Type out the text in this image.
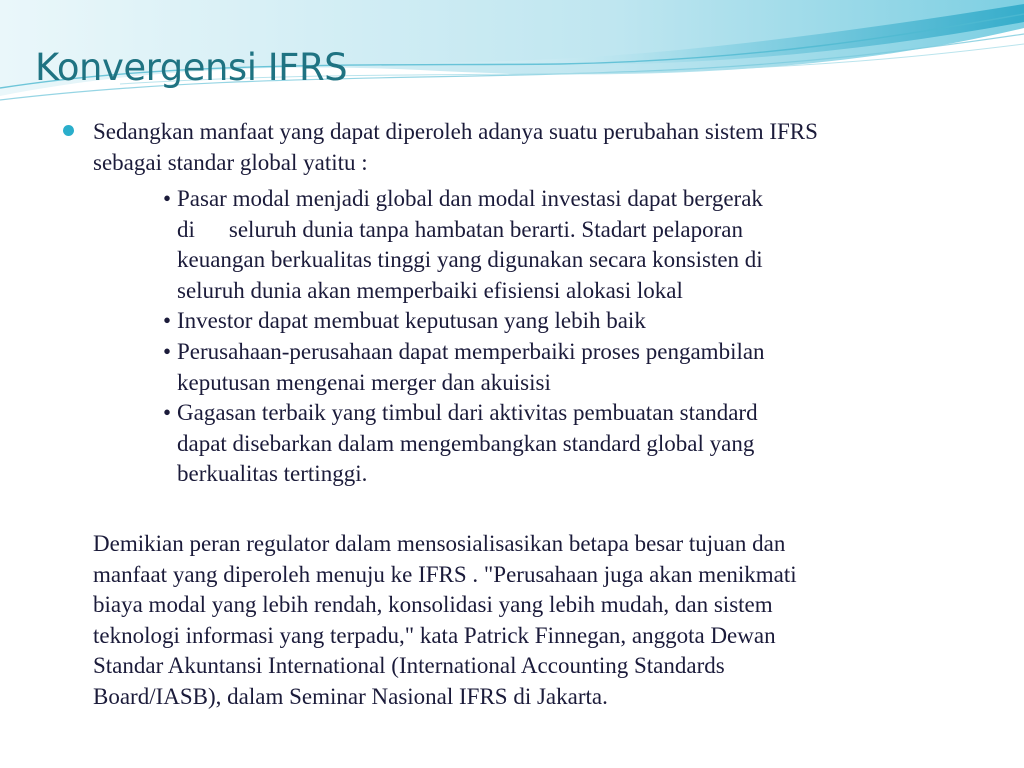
Konvergensi IFRS

Sedangkan manfaat yang dapat diperoleh adanya suatu perubahan sistem IFRS
sebagai standar global yatitu :

• Pasar modal menjadi global dan modal investasi dapat bergerak
di seluruh dunia tanpa hambatan berarti. Stadart pelaporan
keuangan berkualitas tinggi yang digunakan secara konsisten di
seluruh dunia akan memperbaiki efisiensi alokasi lokal
• Investor dapat membuat keputusan yang lebih baik
• Perusahaan-perusahaan dapat memperbaiki proses pengambilan
keputusan mengenai merger dan akuisisi
• Gagasan terbaik yang timbul dari aktivitas pembuatan standard
dapat disebarkan dalam mengembangkan standard global yang
berkualitas tertinggi.

Demikian peran regulator dalam mensosialisasikan betapa besar tujuan dan
manfaat yang diperoleh menuju ke IFRS . "Perusahaan juga akan menikmati
biaya modal yang lebih rendah, konsolidasi yang lebih mudah, dan sistem
teknologi informasi yang terpadu," kata Patrick Finnegan, anggota Dewan
Standar Akuntansi International (International Accounting Standards
Board/IASB), dalam Seminar Nasional IFRS di Jakarta.
